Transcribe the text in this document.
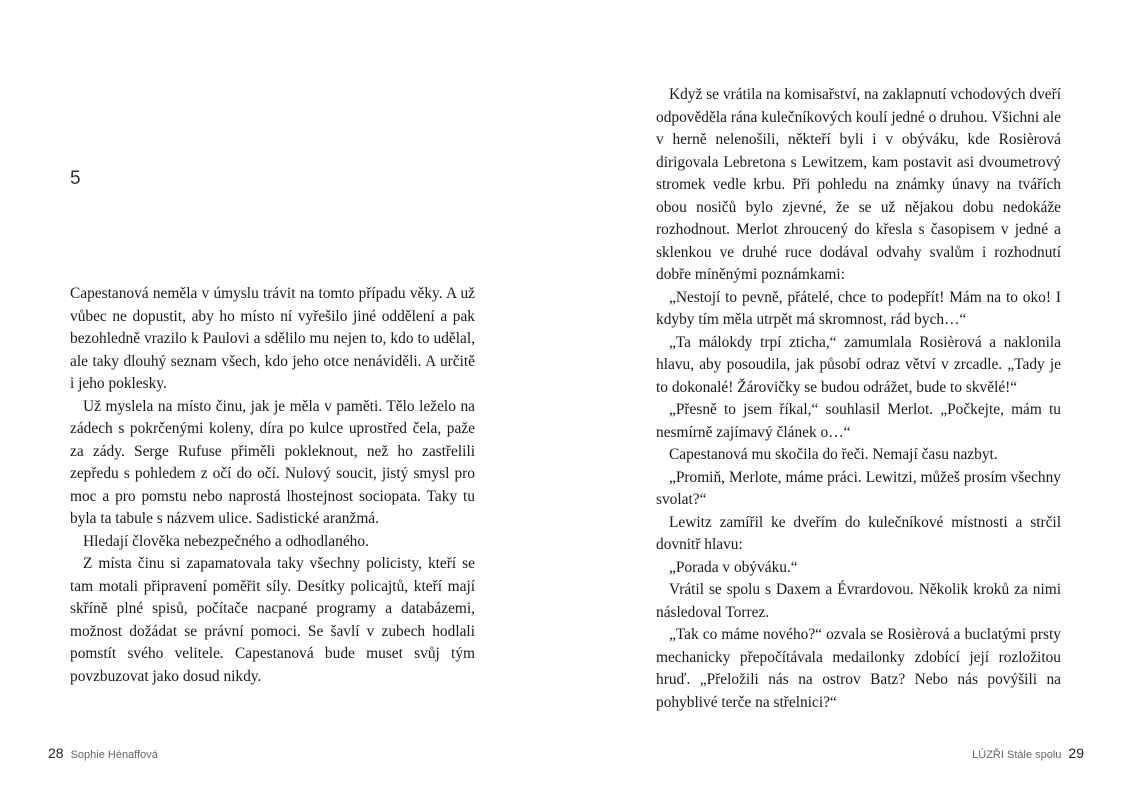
5

Capestanová neměla v úmyslu trávit na tomto případu věky. A už vůbec ne dopustit, aby ho místo ní vyřešilo jiné oddělení a pak bezohledně vrazilo k Paulovi a sdělilo mu nejen to, kdo to udělal, ale taky dlouhý seznam všech, kdo jeho otce nenáviděli. A určitě i jeho poklesky.

Už myslela na místo činu, jak je měla v paměti. Tělo leželo na zádech s pokrčenými koleny, díra po kulce uprostřed čela, paže za zády. Serge Rufuse přiměli pokleknout, než ho zastřelili zepředu s pohledem z očí do očí. Nulový soucit, jistý smysl pro moc a pro pomstu nebo naprostá lhostejnost sociopata. Taky tu byla ta tabule s názvem ulice. Sadistické aranžmá.

Hledají člověka nebezpečného a odhodlaného.

Z místa činu si zapamatovala taky všechny policisty, kteří se tam motali připravení poměřit síly. Desítky policajtů, kteří mají skříně plné spisů, počítače nacpané programy a databázemi, možnost dožádat se právní pomoci. Se šavlí v zubech hodlali pomstít svého velitele. Capestanová bude muset svůj tým povzbuzovat jako dosud nikdy.

28 Sophie Hénaffová

Když se vrátila na komisařství, na zaklapnutí vchodových dveří odpověděla rána kulečníkových koulí jedné o druhou. Všichni ale v herně nelenošili, někteří byli i v obýváku, kde Rosièrová dirigovala Lebretona s Lewitzem, kam postavit asi dvoumetrový stromek vedle krbu. Při pohledu na známky únavy na tvářích obou nosičů bylo zjevné, že se už nějakou dobu nedokáže rozhodnout. Merlot zhroucený do křesla s časopisem v jedné a sklenkou ve druhé ruce dodával odvahy svalům i rozhodnutí dobře míněnými poznámkami:

„Nestojí to pevně, přátelé, chce to podepřít! Mám na to oko! I kdyby tím měla utrpět má skromnost, rád bych…“

„Ta málokdy trpí zticha,“ zamumlala Rosièrová a naklonila hlavu, aby posoudila, jak působí odraz větví v zrcadle. „Tady je to dokonalé! Žárovičky se budou odrážet, bude to skvělé!“

„Přesně to jsem říkal,“ souhlasil Merlot. „Počkejte, mám tu nesmírně zajímavý článek o…“

Capestanová mu skočila do řeči. Nemají času nazbyt.

„Promiň, Merlote, máme práci. Lewitzi, můžeš prosím všechny svolat?“

Lewitz zamířil ke dveřím do kulečníkové místnosti a strčil dovnitř hlavu:

„Porada v obýváku.“

Vrátil se spolu s Daxem a Évrardovou. Několik kroků za nimi následoval Torrez.

„Tak co máme nového?“ ozvala se Rosièrová a buclatými prsty mechanicky přepočítávala medailonky zdobící její rozložitou hruď. „Přeložili nás na ostrov Batz? Nebo nás povýšili na pohyblivé terče na střelnici?“

LÚZŘI Stále spolu 29
